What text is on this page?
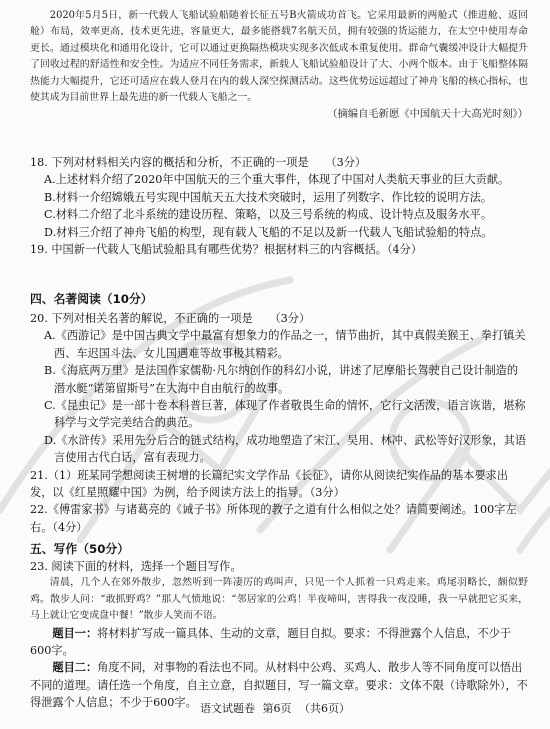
2020年5月5日，新一代载人飞船试验船随着长征五号B火箭成功首飞。它采用最新的两舱式（推进舱、返回舱）布局，效率更高，技术更先进，容量更大，最多能搭载7名航天员，拥有较强的货运能力，在太空中使用寿命更长。通过模块化和通用化设计，它可以通过更换隔热模块实现多次低成本重复使用。群命气囊缓冲设计大幅提升了回收过程的舒适性和安全性。为适应不同任务需求，新载人飞船试验船设计了大、小两个版本。由于飞船整体隔热能力大幅提升，它还可适应在载人登月在内的载人深空探测活动。这些优势远远超过了神舟飞船的核心指标，也使其成为目前世界上最先进的新一代载人飞船之一。

（摘编自毛新愿《中国航天十大高光时刻》）

18. 下列对材料相关内容的概括和分析，不正确的一项是　　（3分）

A.上述材料介绍了2020年中国航天的三个重大事件，体现了中国对人类航天事业的巨大贡献。

B.材料一介绍嫦娥五号实现中国航天五大技术突破时，运用了列数字、作比较的说明方法。

C.材料二介绍了北斗系统的建设历程、策略，以及三号系统的构成、设计特点及服务水平。

D.材料三介绍了神舟飞船的构型，现有载人飞船的不足以及新一代载人飞船试验船的特点。

19. 中国新一代载人飞船试验船具有哪些优势？根据材料三的内容概括。（4分）

四、名著阅读（10分）

20. 下列对相关名著的解说，不正确的一项是　　（3分）

A.《西游记》是中国古典文学中最富有想象力的作品之一，情节曲折，其中真假美猴王、拳打镇关西、车迟国斗法、女儿国遇难等故事极其精彩。

B.《海底两万里》是法国作家儒勒·凡尔纳创作的科幻小说，讲述了尼摩船长驾驶自己设计制造的潜水艇“诺第留斯号”在大海中自由航行的故事。

C.《昆虫记》是一部十卷本科普巨著，体现了作者敬畏生命的情怀，它行文活泼，语言诙谐，堪称科学与文学完美结合的典范。

D.《水浒传》采用先分后合的链式结构，成功地塑造了宋江、吴用、林冲、武松等好汉形象，其语言使用古代白话，富有表现力。

21.（1）班某同学想阅读王树增的长篇纪实文学作品《长征》，请你从阅读纪实作品的基本要求出发，以《红星照耀中国》为例，给予阅读方法上的指导。（3分）

22.《傅雷家书》与诸葛亮的《诫子书》所体现的教子之道有什么相似之处？请简要阐述。100字左右。（4分）

五、写作（50分）

23. 阅读下面的材料，选择一个题目写作。

清晨，几个人在郊外散步，忽然听到一阵凄厉的鸡叫声，只见一个人抓着一只鸡走来。鸡尾羽略长，颇似野鸡。散步人问：“敢抓野鸡？”那人气愤地说：“邻居家的公鸡！半夜啼叫，害得我一夜没睡，我一早就把它买来，马上就让它变成盘中餐！”散步人笑而不语。

题目一：将材料扩写成一篇具体、生动的文章，题目自拟。要求：不得泄露个人信息，不少于600字。

题目二：角度不同，对事物的看法也不同。从材料中公鸡、买鸡人、散步人等不同角度可以悟出不同的道理。请任选一个角度，自主立意，自拟题目，写一篇文章。要求：文体不限（诗歌除外），不得泄露个人信息；不少于600字。 语文试题卷 第6页 （共6页）
